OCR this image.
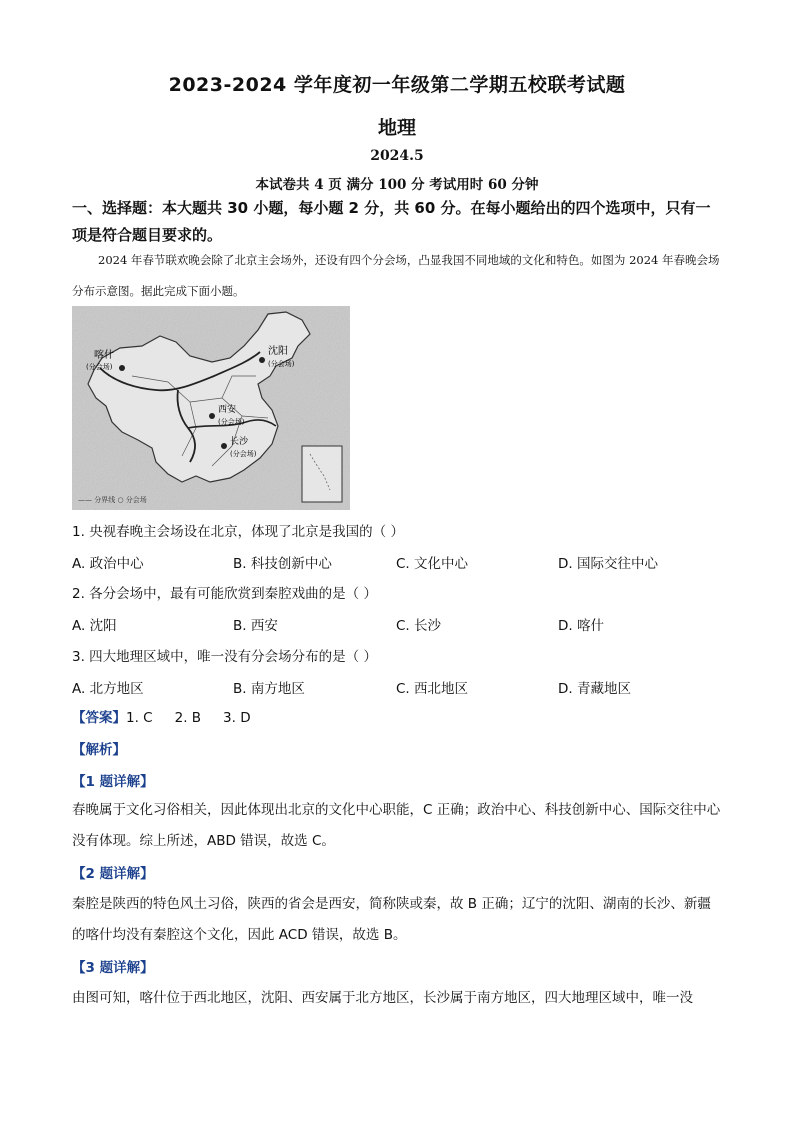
2023-2024 学年度初一年级第二学期五校联考试题
地理
2024.5
本试卷共 4 页 满分 100 分 考试用时 60 分钟
一、选择题：本大题共 30 小题，每小题 2 分，共 60 分。在每小题给出的四个选项中，只有一项是符合题目要求的。
2024 年春节联欢晚会除了北京主会场外，还设有四个分会场，凸显我国不同地域的文化和特色。如图为 2024 年春晚会场分布示意图。据此完成下面小题。
喀什
(分会场)
沈阳
(分会场)
西安
(分会场)
长沙
(分会场)
—— 分界线 ○ 分会场
1. 央视春晚主会场设在北京，体现了北京是我国的（ ）
A. 政治中心	B. 科技创新中心	C. 文化中心	D. 国际交往中心
2. 各分会场中，最有可能欣赏到秦腔戏曲的是（ ）
A. 沈阳	B. 西安	C. 长沙	D. 喀什
3. 四大地理区域中，唯一没有分会场分布的是（ ）
A. 北方地区	B. 南方地区	C. 西北地区	D. 青藏地区
【答案】1. C 2. B 3. D
【解析】
【1 题详解】
春晚属于文化习俗相关，因此体现出北京的文化中心职能，C 正确；政治中心、科技创新中心、国际交往中心没有体现。综上所述，ABD 错误，故选 C。
【2 题详解】
秦腔是陕西的特色风土习俗，陕西的省会是西安，简称陕或秦，故 B 正确；辽宁的沈阳、湖南的长沙、新疆的喀什均没有秦腔这个文化，因此 ACD 错误，故选 B。
【3 题详解】
由图可知，喀什位于西北地区，沈阳、西安属于北方地区，长沙属于南方地区，四大地理区域中，唯一没
